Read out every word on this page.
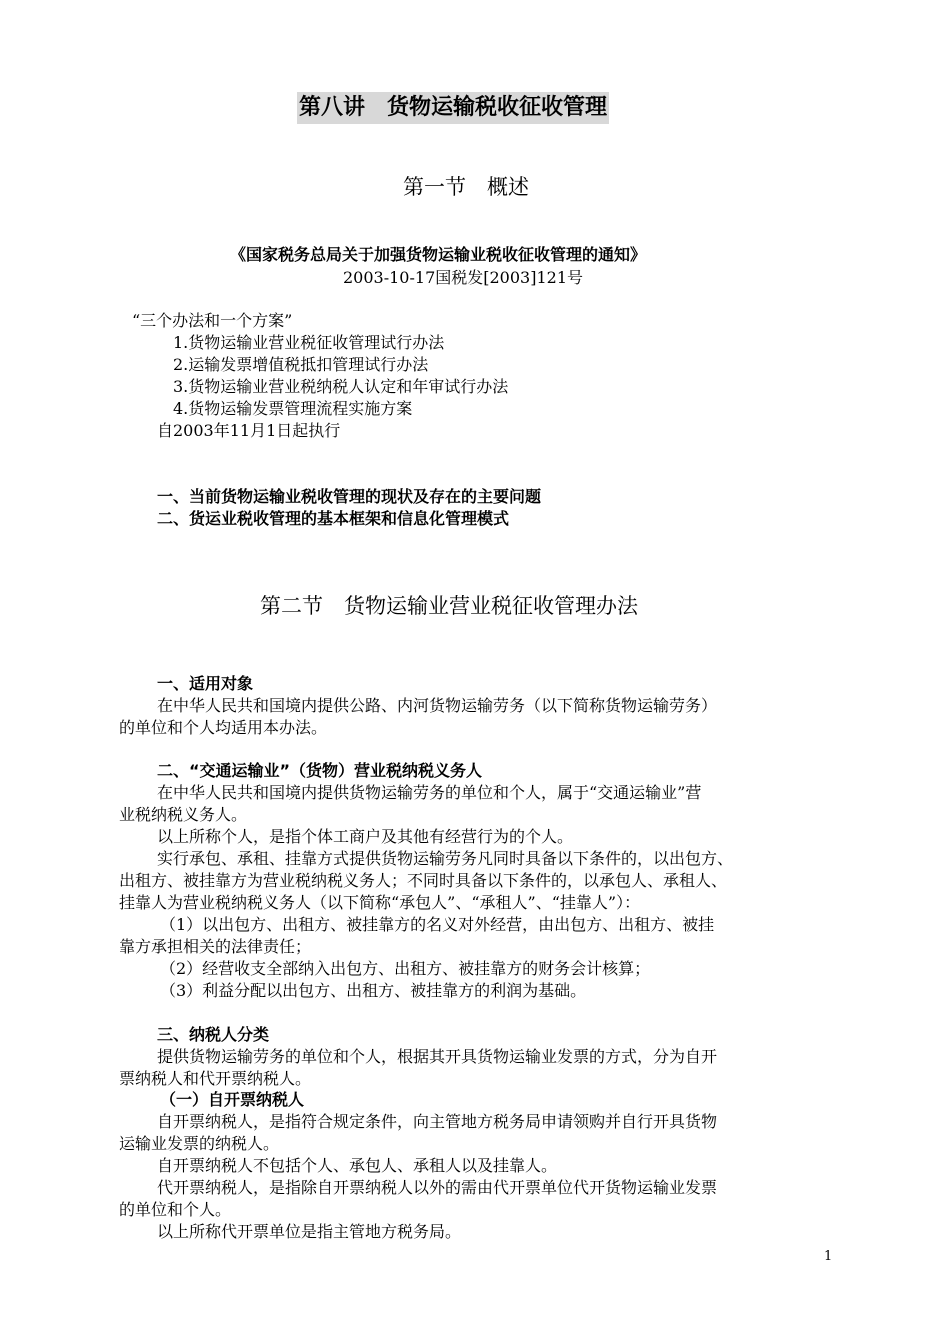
第八讲　货物运输税收征收管理
第一节　概述
《国家税务总局关于加强货物运输业税收征收管理的通知》
2003-10-17国税发[2003]121号
“三个办法和一个方案”
1.货物运输业营业税征收管理试行办法
2.运输发票增值税抵扣管理试行办法
3.货物运输业营业税纳税人认定和年审试行办法
4.货物运输发票管理流程实施方案
自2003年11月1日起执行
一、当前货物运输业税收管理的现状及存在的主要问题
二、货运业税收管理的基本框架和信息化管理模式
第二节　货物运输业营业税征收管理办法
一、适用对象
在中华人民共和国境内提供公路、内河货物运输劳务（以下简称货物运输劳务）
的单位和个人均适用本办法。
二、“交通运输业”（货物）营业税纳税义务人
在中华人民共和国境内提供货物运输劳务的单位和个人，属于“交通运输业”营
业税纳税义务人。
以上所称个人，是指个体工商户及其他有经营行为的个人。
实行承包、承租、挂靠方式提供货物运输劳务凡同时具备以下条件的，以出包方、
出租方、被挂靠方为营业税纳税义务人；不同时具备以下条件的，以承包人、承租人、
挂靠人为营业税纳税义务人（以下简称“承包人”、“承租人”、“挂靠人”）：
（1）以出包方、出租方、被挂靠方的名义对外经营，由出包方、出租方、被挂
靠方承担相关的法律责任；
（2）经营收支全部纳入出包方、出租方、被挂靠方的财务会计核算；
（3）利益分配以出包方、出租方、被挂靠方的利润为基础。
三、纳税人分类
提供货物运输劳务的单位和个人，根据其开具货物运输业发票的方式，分为自开
票纳税人和代开票纳税人。
（一）自开票纳税人
自开票纳税人，是指符合规定条件，向主管地方税务局申请领购并自行开具货物
运输业发票的纳税人。
自开票纳税人不包括个人、承包人、承租人以及挂靠人。
代开票纳税人，是指除自开票纳税人以外的需由代开票单位代开货物运输业发票
的单位和个人。
以上所称代开票单位是指主管地方税务局。
1
